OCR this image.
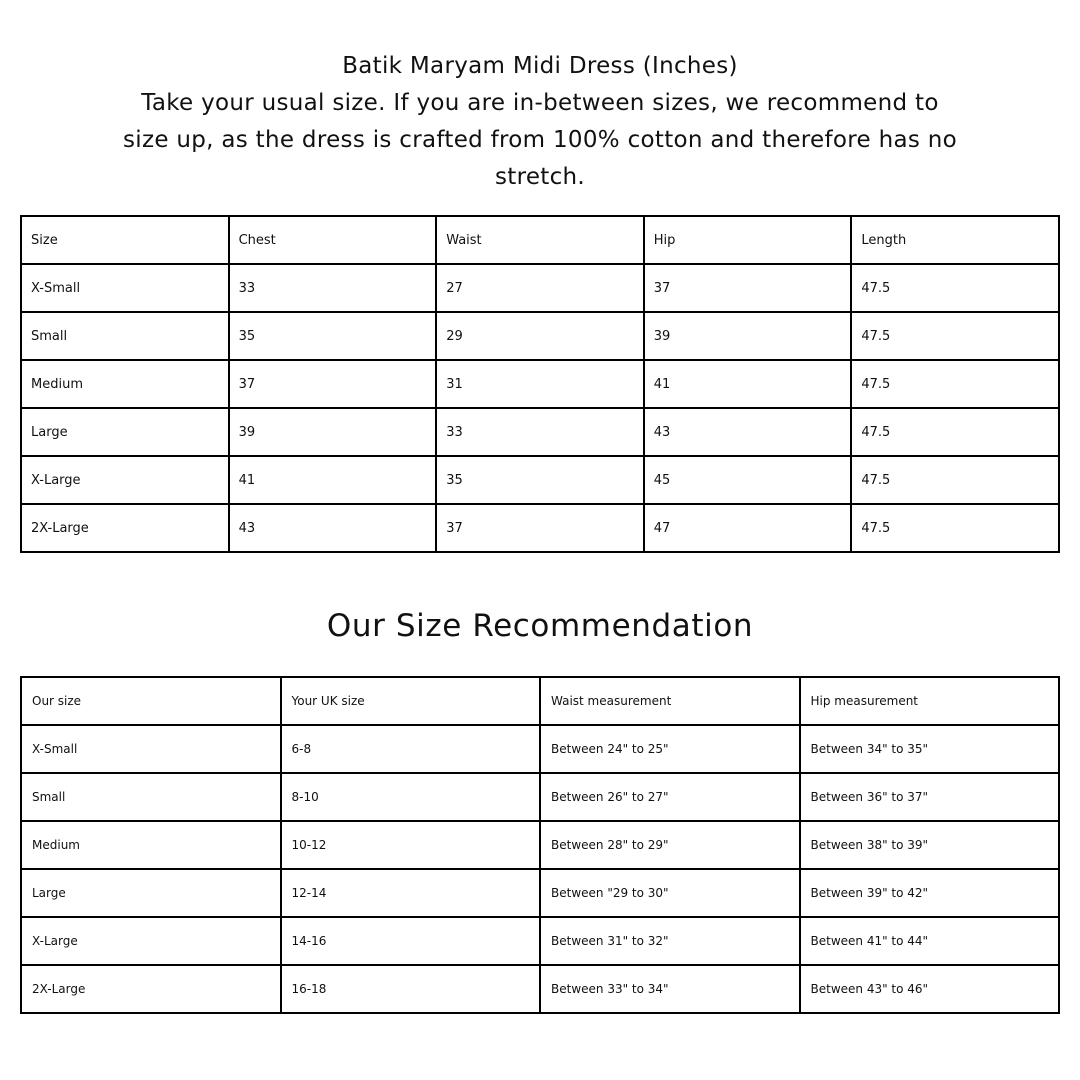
Batik Maryam Midi Dress (Inches)
Take your usual size. If you are in-between sizes, we recommend to
size up, as the dress is crafted from 100% cotton and therefore has no
stretch.
Size	Chest	Waist	Hip	Length
X-Small	33	27	37	47.5
Small	35	29	39	47.5
Medium	37	31	41	47.5
Large	39	33	43	47.5
X-Large	41	35	45	47.5
2X-Large	43	37	47	47.5
Our Size Recommendation
Our size	Your UK size	Waist measurement	Hip measurement
X-Small	6-8	Between 24" to 25"	Between 34" to 35"
Small	8-10	Between 26" to 27"	Between 36" to 37"
Medium	10-12	Between 28" to 29"	Between 38" to 39"
Large	12-14	Between "29 to 30"	Between 39" to 42"
X-Large	14-16	Between 31" to 32"	Between 41" to 44"
2X-Large	16-18	Between 33" to 34"	Between 43" to 46"
